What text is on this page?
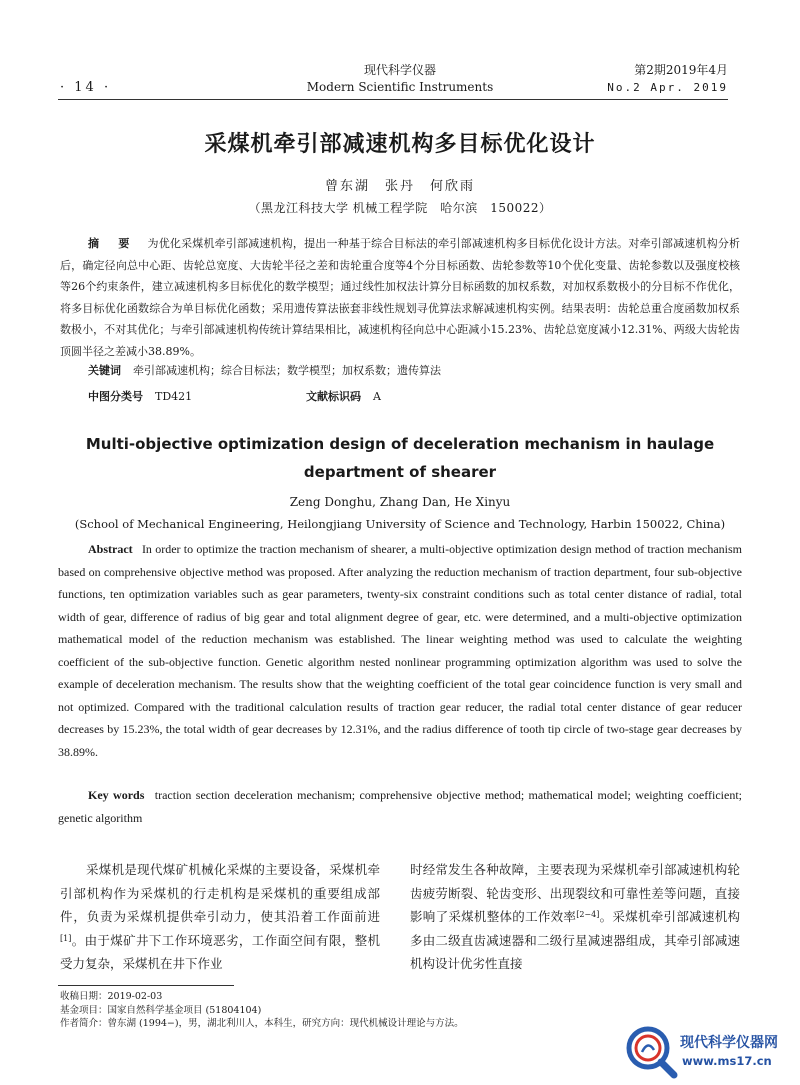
· 14 ·
现代科学仪器
Modern Scientific Instruments
第2期2019年4月
No.2 Apr. 2019
采煤机牵引部减速机构多目标优化设计
曾东湖　张丹　何欣雨
（黑龙江科技大学 机械工程学院　哈尔滨　150022）
摘　要 为优化采煤机牵引部减速机构，提出一种基于综合目标法的牵引部减速机构多目标优化设计方法。对牵引部减速机构分析后，确定径向总中心距、齿轮总宽度、大齿轮半径之差和齿轮重合度等4个分目标函数、齿轮参数等10个优化变量、齿轮参数以及强度校核等26个约束条件，建立减速机构多目标优化的数学模型；通过线性加权法计算分目标函数的加权系数，对加权系数极小的分目标不作优化，将多目标优化函数综合为单目标优化函数；采用遗传算法嵌套非线性规划寻优算法求解减速机构实例。结果表明：齿轮总重合度函数加权系数极小，不对其优化；与牵引部减速机构传统计算结果相比，减速机构径向总中心距减小15.23%、齿轮总宽度减小12.31%、两级大齿轮齿顶圆半径之差减小38.89%。
关键词 牵引部减速机构；综合目标法；数学模型；加权系数；遗传算法
中图分类号 TD421	文献标识码 A
Multi-objective optimization design of deceleration mechanism in haulage department of shearer
Zeng Donghu, Zhang Dan, He Xinyu
(School of Mechanical Engineering, Heilongjiang University of Science and Technology, Harbin 150022, China)
Abstract In order to optimize the traction mechanism of shearer, a multi-objective optimization design method of traction mechanism based on comprehensive objective method was proposed. After analyzing the reduction mechanism of traction department, four sub-objective functions, ten optimization variables such as gear parameters, twenty-six constraint conditions such as total center distance of radial, total width of gear, difference of radius of big gear and total alignment degree of gear, etc. were determined, and a multi-objective optimization mathematical model of the reduction mechanism was established. The linear weighting method was used to calculate the weighting coefficient of the sub-objective function. Genetic algorithm nested nonlinear programming optimization algorithm was used to solve the example of deceleration mechanism. The results show that the weighting coefficient of the total gear coincidence function is very small and not optimized. Compared with the traditional calculation results of traction gear reducer, the radial total center distance of gear reducer decreases by 15.23%, the total width of gear decreases by 12.31%, and the radius difference of tooth tip circle of two-stage gear decreases by 38.89%.
Key words traction section deceleration mechanism; comprehensive objective method; mathematical model; weighting coefficient; genetic algorithm
采煤机是现代煤矿机械化采煤的主要设备，采煤机牵引部机构作为采煤机的行走机构是采煤机的重要组成部件，负责为采煤机提供牵引动力，使其沿着工作面前进[1]。由于煤矿井下工作环境恶劣，工作面空间有限，整机受力复杂，采煤机在井下作业
时经常发生各种故障，主要表现为采煤机牵引部减速机构轮齿疲劳断裂、轮齿变形、出现裂纹和可靠性差等问题，直接影响了采煤机整体的工作效率[2−4]。采煤机牵引部减速机构多由二级直齿减速器和二级行星减速器组成，其牵引部减速机构设计优劣性直接
收稿日期：2019-02-03
基金项目：国家自然科学基金项目 (51804104)
作者简介：曾东湖 (1994−)，男，湖北利川人，本科生，研究方向：现代机械设计理论与方法。
现代科学仪器网
www.ms17.cn
